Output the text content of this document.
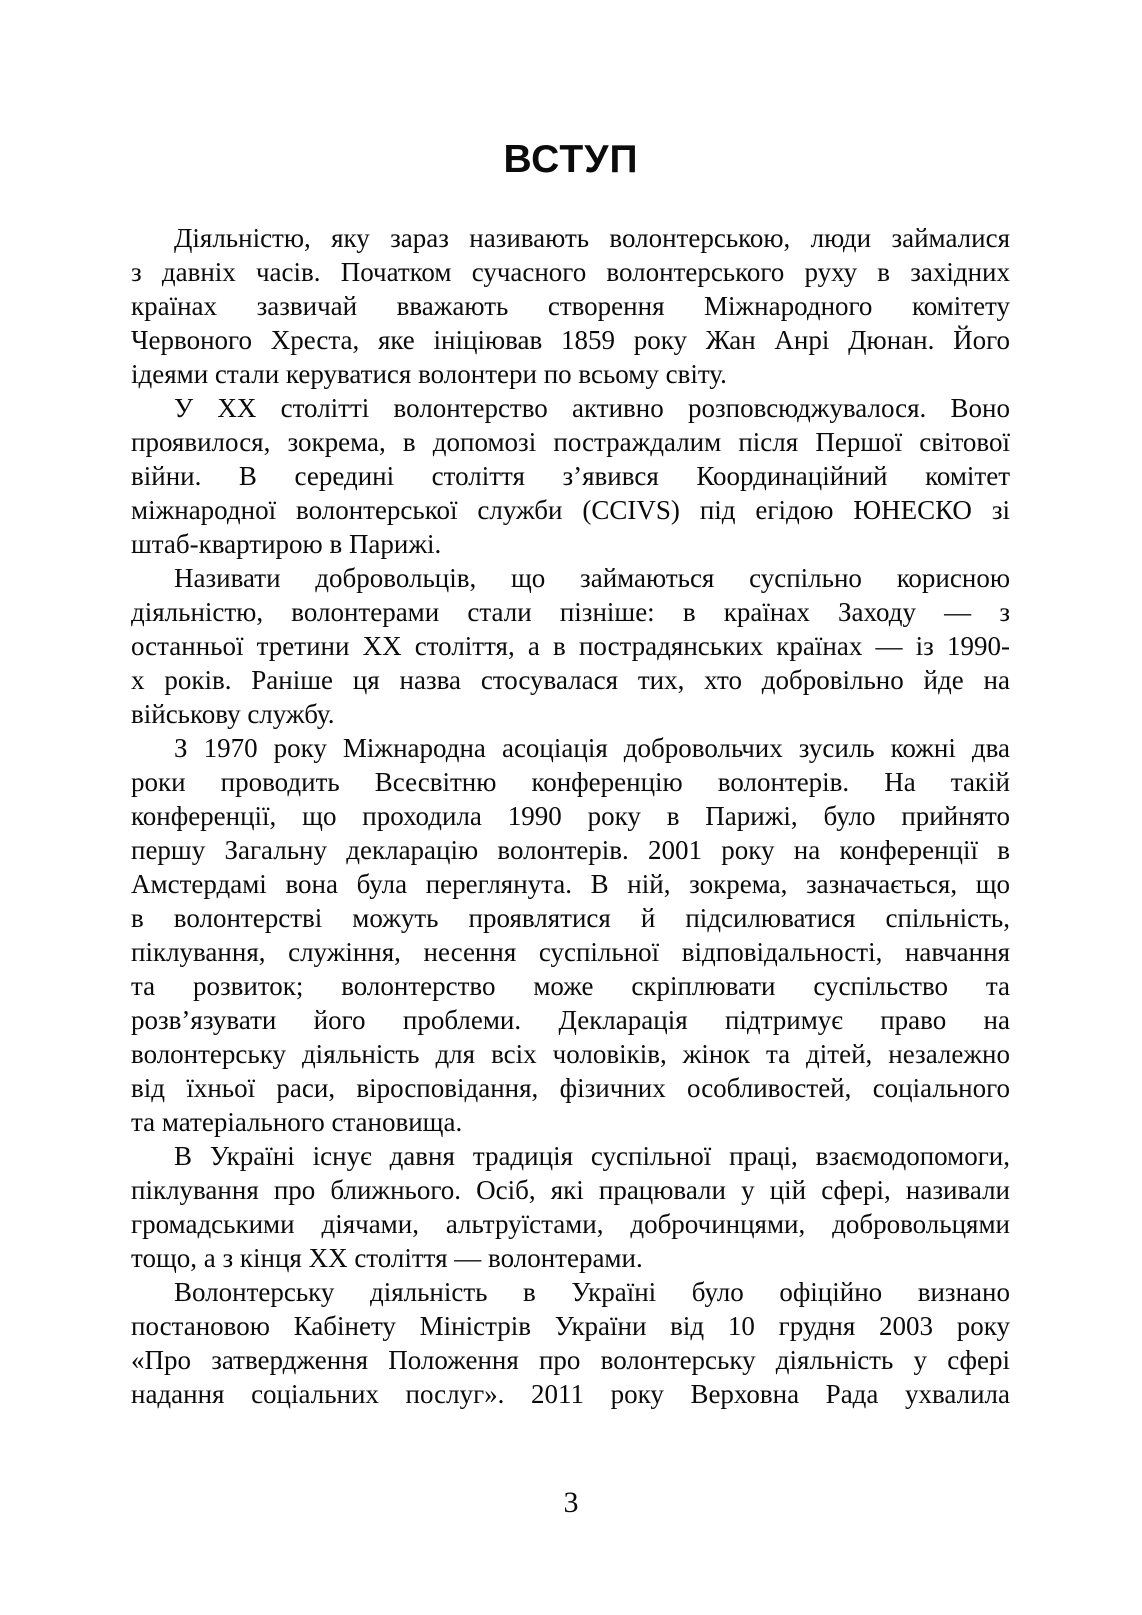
ВСТУП
Діяльністю, яку зараз називають волонтерською, люди займалися
з давніх часів. Початком сучасного волонтерського руху в західних
країнах зазвичай вважають створення Міжнародного комітету
Червоного Хреста, яке ініціював 1859 року Жан Анрі Дюнан. Його
ідеями стали керуватися волонтери по всьому світу.
У XX столітті волонтерство активно розповсюджувалося. Воно
проявилося, зокрема, в допомозі постраждалим після Першої світової
війни. В середині століття з’явився Координаційний комітет
міжнародної волонтерської служби (CCIVS) під егідою ЮНЕСКО зі
штаб-квартирою в Парижі.
Називати добровольців, що займаються суспільно корисною
діяльністю, волонтерами стали пізніше: в країнах Заходу — з
останньої третини XX століття, а в пострадянських країнах — із 1990-
х років. Раніше ця назва стосувалася тих, хто добровільно йде на
військову службу.
З 1970 року Міжнародна асоціація добровольчих зусиль кожні два
роки проводить Всесвітню конференцію волонтерів. На такій
конференції, що проходила 1990 року в Парижі, було прийнято
першу Загальну декларацію волонтерів. 2001 року на конференції в
Амстердамі вона була переглянута. В ній, зокрема, зазначається, що
в волонтерстві можуть проявлятися й підсилюватися спільність,
піклування, служіння, несення суспільної відповідальності, навчання
та розвиток; волонтерство може скріплювати суспільство та
розв’язувати його проблеми. Декларація підтримує право на
волонтерську діяльність для всіх чоловіків, жінок та дітей, незалежно
від їхньої раси, віросповідання, фізичних особливостей, соціального
та матеріального становища.
В Україні існує давня традиція суспільної праці, взаємодопомоги,
піклування про ближнього. Осіб, які працювали у цій сфері, називали
громадськими діячами, альтруїстами, доброчинцями, добровольцями
тощо, а з кінця XX століття — волонтерами.
Волонтерську діяльність в Україні було офіційно визнано
постановою Кабінету Міністрів України від 10 грудня 2003 року
«Про затвердження Положення про волонтерську діяльність у сфері
надання соціальних послуг». 2011 року Верховна Рада ухвалила
3
